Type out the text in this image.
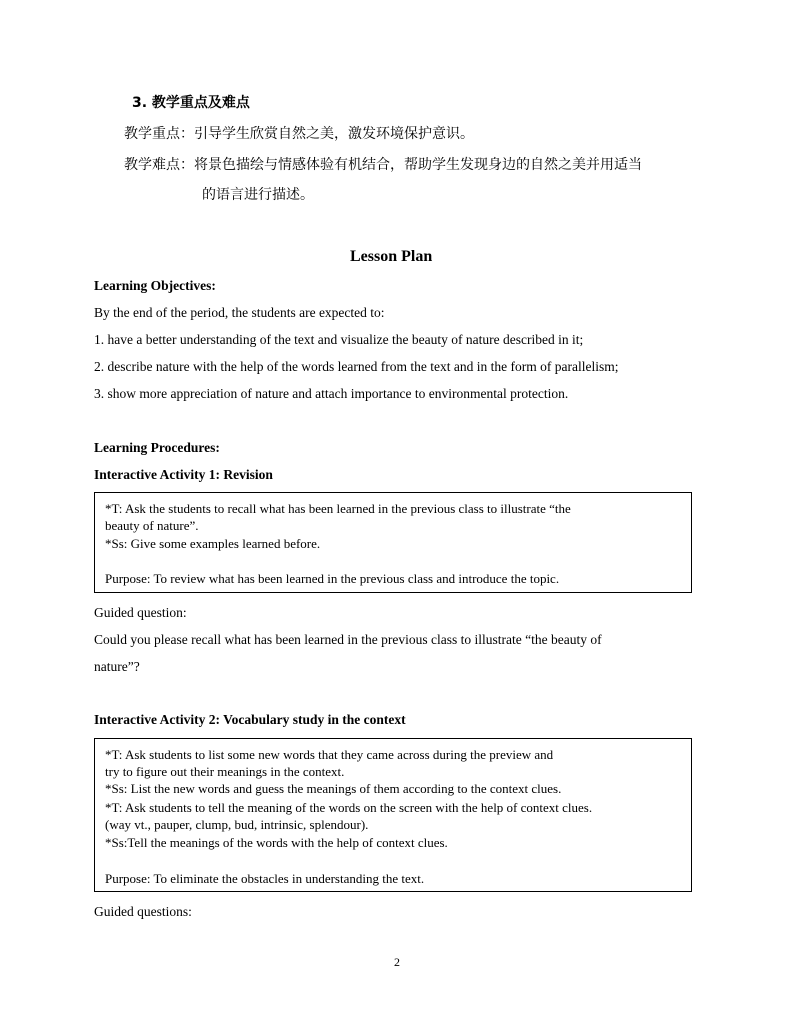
3. 教学重点及难点
教学重点：引导学生欣赏自然之美，激发环境保护意识。
教学难点：将景色描绘与情感体验有机结合，帮助学生发现身边的自然之美并用适当
的语言进行描述。
Lesson Plan
Learning Objectives:
By the end of the period, the students are expected to:
1. have a better understanding of the text and visualize the beauty of nature described in it;
2. describe nature with the help of the words learned from the text and in the form of parallelism;
3. show more appreciation of nature and attach importance to environmental protection.
Learning Procedures:
Interactive Activity 1: Revision
*T: Ask the students to recall what has been learned in the previous class to illustrate “the
beauty of nature”.
*Ss: Give some examples learned before.
Purpose: To review what has been learned in the previous class and introduce the topic.
Guided question:
Could you please recall what has been learned in the previous class to illustrate “the beauty of
nature”?
Interactive Activity 2: Vocabulary study in the context
*T: Ask students to list some new words that they came across during the preview and
try to figure out their meanings in the context.
*Ss: List the new words and guess the meanings of them according to the context clues.
*T: Ask students to tell the meaning of the words on the screen with the help of context clues.
(way vt., pauper, clump, bud, intrinsic, splendour).
*Ss:Tell the meanings of the words with the help of context clues.
Purpose: To eliminate the obstacles in understanding the text.
Guided questions:
2
